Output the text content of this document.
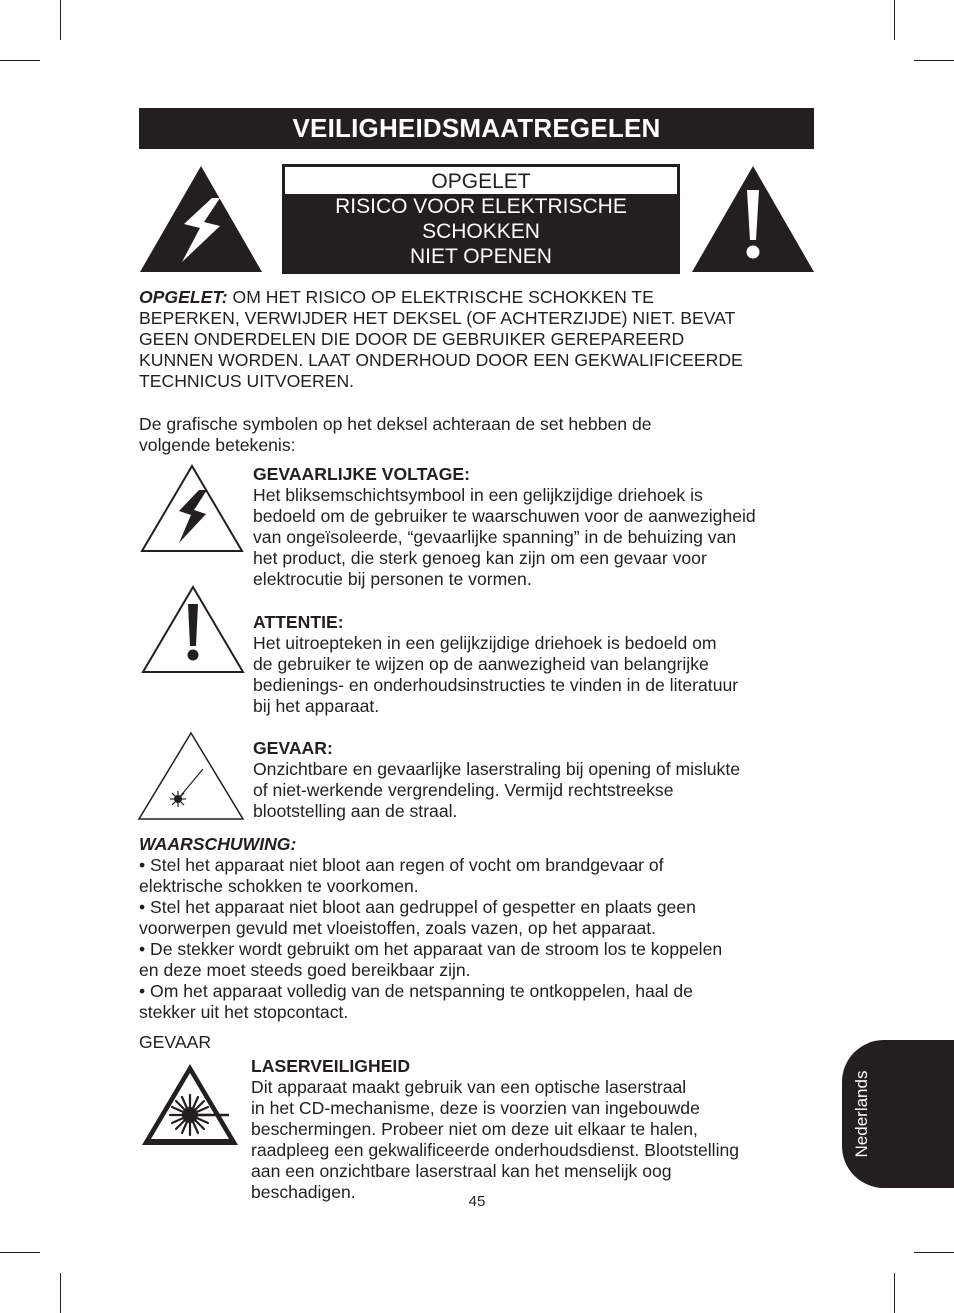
VEILIGHEIDSMAATREGELEN
OPGELET
RISICO VOOR ELEKTRISCHE
SCHOKKEN
NIET OPENEN
OPGELET: OM HET RISICO OP ELEKTRISCHE SCHOKKEN TE
BEPERKEN, VERWIJDER HET DEKSEL (OF ACHTERZIJDE) NIET. BEVAT
GEEN ONDERDELEN DIE DOOR DE GEBRUIKER GEREPAREERD
KUNNEN WORDEN. LAAT ONDERHOUD DOOR EEN GEKWALIFICEERDE
TECHNICUS UITVOEREN.
De grafische symbolen op het deksel achteraan de set hebben de
volgende betekenis:
GEVAARLIJKE VOLTAGE:
Het bliksemschichtsymbool in een gelijkzijdige driehoek is
bedoeld om de gebruiker te waarschuwen voor de aanwezigheid
van ongeïsoleerde, “gevaarlijke spanning” in de behuizing van
het product, die sterk genoeg kan zijn om een gevaar voor
elektrocutie bij personen te vormen.
ATTENTIE:
Het uitroepteken in een gelijkzijdige driehoek is bedoeld om
de gebruiker te wijzen op de aanwezigheid van belangrijke
bedienings- en onderhoudsinstructies te vinden in de literatuur
bij het apparaat.
GEVAAR:
Onzichtbare en gevaarlijke laserstraling bij opening of mislukte
of niet-werkende vergrendeling. Vermijd rechtstreekse
blootstelling aan de straal.
WAARSCHUWING:
• Stel het apparaat niet bloot aan regen of vocht om brandgevaar of
elektrische schokken te voorkomen.
• Stel het apparaat niet bloot aan gedruppel of gespetter en plaats geen
voorwerpen gevuld met vloeistoffen, zoals vazen, op het apparaat.
• De stekker wordt gebruikt om het apparaat van de stroom los te koppelen
en deze moet steeds goed bereikbaar zijn.
• Om het apparaat volledig van de netspanning te ontkoppelen, haal de
stekker uit het stopcontact.
GEVAAR
LASERVEILIGHEID
Dit apparaat maakt gebruik van een optische laserstraal
in het CD-mechanisme, deze is voorzien van ingebouwde
beschermingen. Probeer niet om deze uit elkaar te halen,
raadpleeg een gekwalificeerde onderhoudsdienst. Blootstelling
aan een onzichtbare laserstraal kan het menselijk oog
beschadigen.
Nederlands
45
